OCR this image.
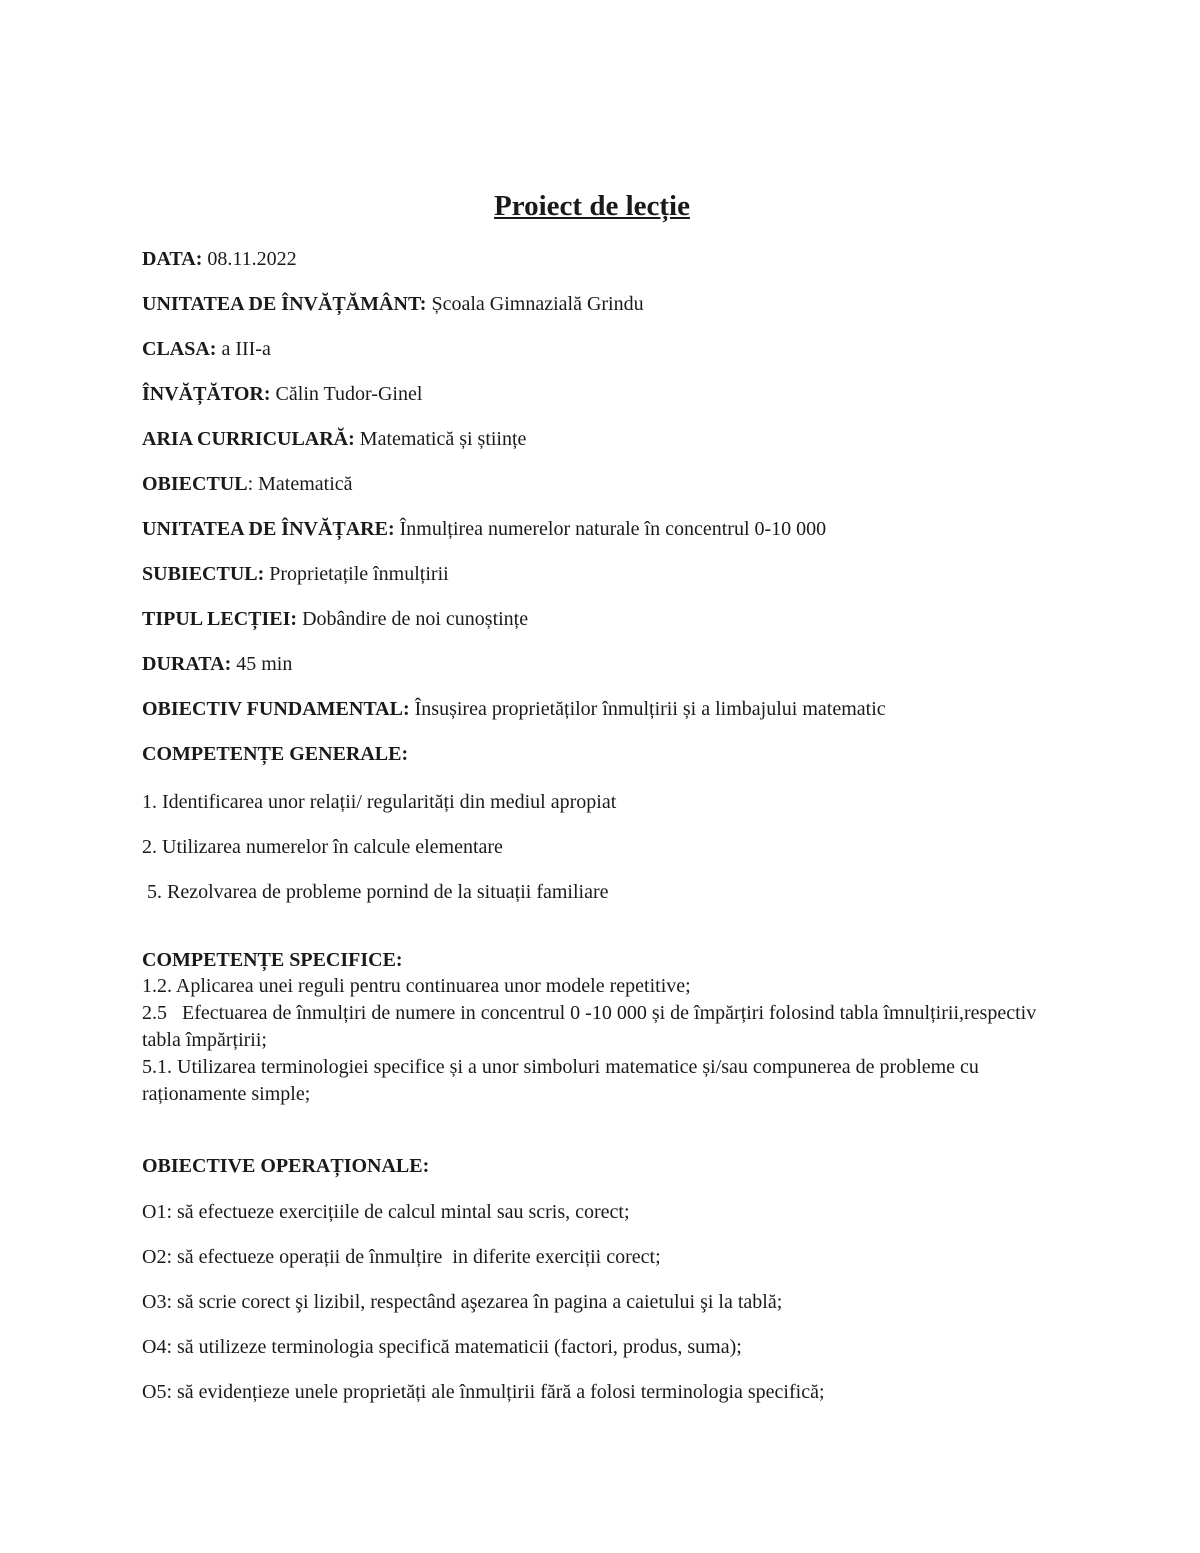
Proiect de lecție
DATA: 08.11.2022
UNITATEA DE ÎNVĂȚĂMÂNT: Școala Gimnazială Grindu
CLASA: a III-a
ÎNVĂȚĂTOR: Călin Tudor-Ginel
ARIA CURRICULARĂ: Matematică și științe
OBIECTUL: Matematică
UNITATEA DE ÎNVĂȚARE: Înmulțirea numerelor naturale în concentrul 0-10 000
SUBIECTUL: Proprietațile înmulțirii
TIPUL LECȚIEI: Dobândire de noi cunoștințe
DURATA: 45 min
OBIECTIV FUNDAMENTAL: Însușirea proprietăților înmulțirii și a limbajului matematic
COMPETENȚE GENERALE:
1. Identificarea unor relații/ regularități din mediul apropiat
2. Utilizarea numerelor în calcule elementare
5. Rezolvarea de probleme pornind de la situații familiare
COMPETENȚE SPECIFICE:
1.2. Aplicarea unei reguli pentru continuarea unor modele repetitive;
2.5   Efectuarea de înmulțiri de numere in concentrul 0 -10 000 și de împărțiri folosind tabla îmnulțirii,respectiv tabla împărțirii;
5.1. Utilizarea terminologiei specifice și a unor simboluri matematice și/sau compunerea de probleme cu raționamente simple;
OBIECTIVE OPERAȚIONALE:
O1: să efectueze exercițiile de calcul mintal sau scris, corect;
O2: să efectueze operații de înmulțire  in diferite exerciții corect;
O3: să scrie corect şi lizibil, respectând aşezarea în pagina a caietului şi la tablă;
O4: să utilizeze terminologia specifică matematicii (factori, produs, suma);
O5: să evidențieze unele proprietăți ale înmulțirii fără a folosi terminologia specifică;
